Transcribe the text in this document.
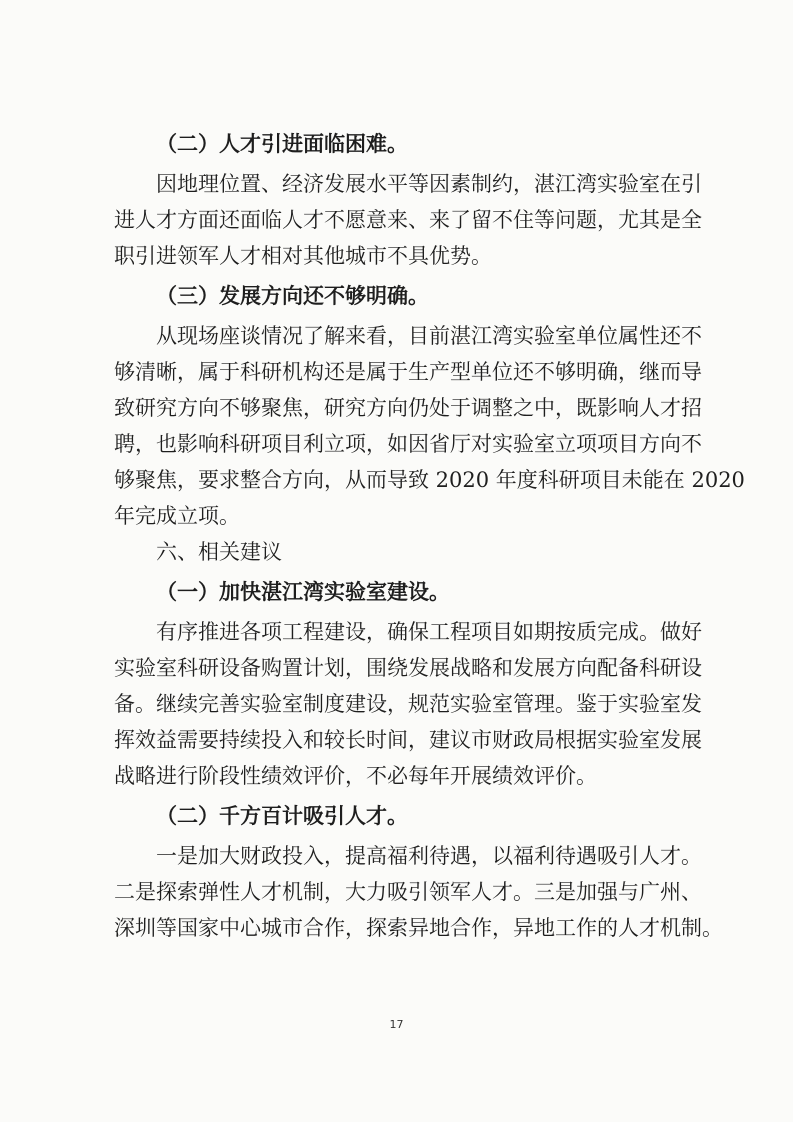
（二）人才引进面临困难。
因地理位置、经济发展水平等因素制约，湛江湾实验室在引
进人才方面还面临人才不愿意来、来了留不住等问题，尤其是全
职引进领军人才相对其他城市不具优势。
（三）发展方向还不够明确。
从现场座谈情况了解来看，目前湛江湾实验室单位属性还不
够清晰，属于科研机构还是属于生产型单位还不够明确，继而导
致研究方向不够聚焦，研究方向仍处于调整之中，既影响人才招
聘，也影响科研项目利立项，如因省厅对实验室立项项目方向不
够聚焦，要求整合方向，从而导致 2020 年度科研项目未能在 2020
年完成立项。
六、相关建议
（一）加快湛江湾实验室建设。
有序推进各项工程建设，确保工程项目如期按质完成。做好
实验室科研设备购置计划，围绕发展战略和发展方向配备科研设
备。继续完善实验室制度建设，规范实验室管理。鉴于实验室发
挥效益需要持续投入和较长时间，建议市财政局根据实验室发展
战略进行阶段性绩效评价，不必每年开展绩效评价。
（二）千方百计吸引人才。
一是加大财政投入，提高福利待遇，以福利待遇吸引人才。
二是探索弹性人才机制，大力吸引领军人才。三是加强与广州、
深圳等国家中心城市合作，探索异地合作，异地工作的人才机制。
17
